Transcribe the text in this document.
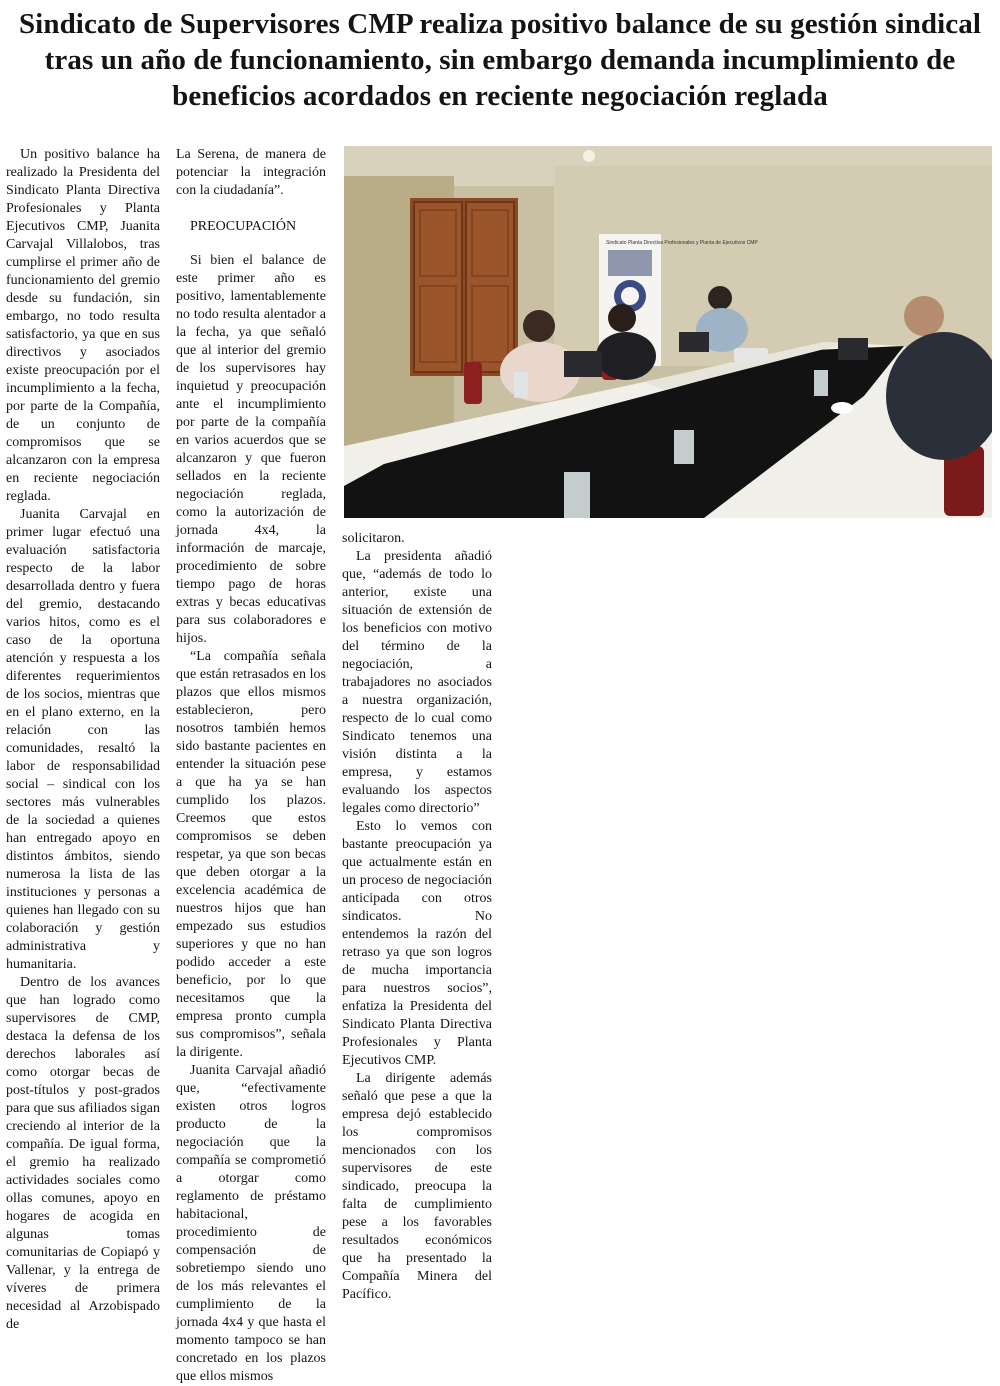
Sindicato de Supervisores CMP realiza positivo balance de su gestión sindical tras un año de funcionamiento, sin embargo demanda incumplimiento de beneficios acordados en reciente negociación reglada

Un positivo balance ha realizado la Presidenta del Sindicato Planta Directiva Profesionales y Planta Ejecutivos CMP, Juanita Carvajal Villalobos, tras cumplirse el primer año de funcionamiento del gremio desde su fundación, sin embargo, no todo resulta satisfactorio, ya que en sus directivos y asociados existe preocupación por el incumplimiento a la fecha, por parte de la Compañía, de un conjunto de compromisos que se alcanzaron con la empresa en reciente negociación reglada.

Juanita Carvajal en primer lugar efectuó una evaluación satisfactoria respecto de la labor desarrollada dentro y fuera del gremio, destacando varios hitos, como es el caso de la oportuna atención y respuesta a los diferentes requerimientos de los socios, mientras que en el plano externo, en la relación con las comunidades, resaltó la labor de responsabilidad social – sindical con los sectores más vulnerables de la sociedad a quienes han entregado apoyo en distintos ámbitos, siendo numerosa la lista de las instituciones y personas a quienes han llegado con su colaboración y gestión administrativa y humanitaria.

Dentro de los avances que han logrado como supervisores de CMP, destaca la defensa de los derechos laborales así como otorgar becas de post-títulos y post-grados para que sus afiliados sigan creciendo al interior de la compañía. De igual forma, el gremio ha realizado actividades sociales como ollas comunes, apoyo en hogares de acogida en algunas tomas comunitarias de Copiapó y Vallenar, y la entrega de víveres de primera necesidad al Arzobispado de

La Serena, de manera de potenciar la integración con la ciudadanía”.

PREOCUPACIÓN

Si bien el balance de este primer año es positivo, lamentablemente no todo resulta alentador a la fecha, ya que señaló que al interior del gremio de los supervisores hay inquietud y preocupación ante el incumplimiento por parte de la compañía en varios acuerdos que se alcanzaron y que fueron sellados en la reciente negociación reglada, como la autorización de jornada 4x4, la información de marcaje, procedimiento de sobre tiempo pago de horas extras y becas educativas para sus colaboradores e hijos.

“La compañía señala que están retrasados en los plazos que ellos mismos establecieron, pero nosotros también hemos sido bastante pacientes en entender la situación pese a que ha ya se han cumplido los plazos. Creemos que estos compromisos se deben respetar, ya que son becas que deben otorgar a la excelencia académica de nuestros hijos que han empezado sus estudios superiores y que no han podido acceder a este beneficio, por lo que necesitamos que la empresa pronto cumpla sus compromisos”, señala la dirigente.

Juanita Carvajal añadió que, “efectivamente existen otros logros producto de la negociación que la compañía se comprometió a otorgar como reglamento de préstamo habitacional, procedimiento de compensación de sobretiempo siendo uno de los más relevantes el cumplimiento de la jornada 4x4 y que hasta el momento tampoco se han concretado en los plazos que ellos mismos

Sindicato Planta Directiva Profesionales y Planta de Ejecutivos CMP

solicitaron.

La presidenta añadió que, “además de todo lo anterior, existe una situación de extensión de los beneficios con motivo del término de la negociación, a trabajadores no asociados a nuestra organización, respecto de lo cual como Sindicato tenemos una visión distinta a la empresa, y estamos evaluando los aspectos legales como directorio”

Esto lo vemos con bastante preocupación ya que actualmente están en un proceso de negociación anticipada con otros sindicatos. No entendemos la razón del retraso ya que son logros de mucha importancia para nuestros socios”, enfatiza la Presidenta del Sindicato Planta Directiva Profesionales y Planta Ejecutivos CMP.

La dirigente además señaló que pese a que la empresa dejó establecido los compromisos mencionados con los supervisores de este sindicado, preocupa la falta de cumplimiento pese a los favorables resultados económicos que ha presentado la Compañía Minera del Pacífico.
